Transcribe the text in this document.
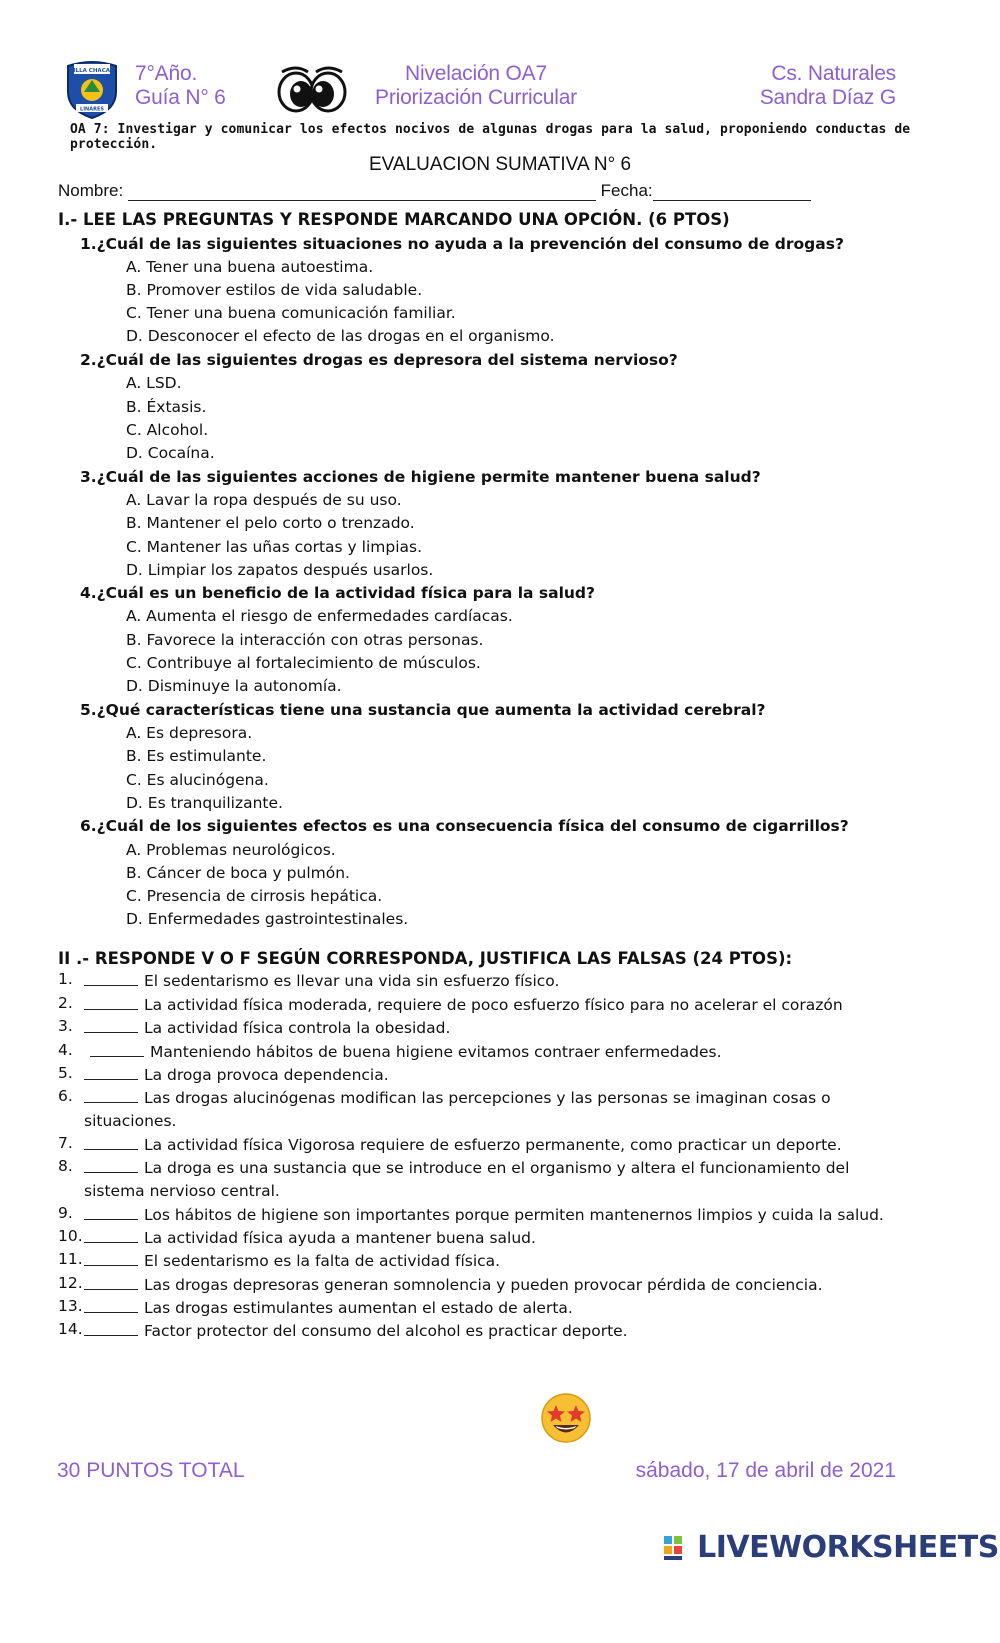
VILLA CHACAO
LINARES
7°Año.
Guía N° 6
Nivelación OA7
Priorización Curricular
Cs. Naturales
Sandra Díaz G
OA 7: Investigar y comunicar los efectos nocivos de algunas drogas para la salud, proponiendo conductas de protección.
EVALUACION SUMATIVA N° 6
Nombre:	Fecha:
I.- LEE LAS PREGUNTAS Y RESPONDE MARCANDO UNA OPCIÓN. (6 PTOS)
1.¿Cuál de las siguientes situaciones no ayuda a la prevención del consumo de drogas?
A. Tener una buena autoestima.
B. Promover estilos de vida saludable.
C. Tener una buena comunicación familiar.
D. Desconocer el efecto de las drogas en el organismo.
2.¿Cuál de las siguientes drogas es depresora del sistema nervioso?
A. LSD.
B. Éxtasis.
C. Alcohol.
D. Cocaína.
3.¿Cuál de las siguientes acciones de higiene permite mantener buena salud?
A. Lavar la ropa después de su uso.
B. Mantener el pelo corto o trenzado.
C. Mantener las uñas cortas y limpias.
D. Limpiar los zapatos después usarlos.
4.¿Cuál es un beneficio de la actividad física para la salud?
A. Aumenta el riesgo de enfermedades cardíacas.
B. Favorece la interacción con otras personas.
C. Contribuye al fortalecimiento de músculos.
D. Disminuye la autonomía.
5.¿Qué características tiene una sustancia que aumenta la actividad cerebral?
A. Es depresora.
B. Es estimulante.
C. Es alucinógena.
D. Es tranquilizante.
6.¿Cuál de los siguientes efectos es una consecuencia física del consumo de cigarrillos?
A. Problemas neurológicos.
B. Cáncer de boca y pulmón.
C. Presencia de cirrosis hepática.
D. Enfermedades gastrointestinales.
II .- RESPONDE V O F SEGÚN CORRESPONDA, JUSTIFICA LAS FALSAS (24 PTOS):
1.	El sedentarismo es llevar una vida sin esfuerzo físico.
2.	La actividad física moderada, requiere de poco esfuerzo físico para no acelerar el corazón
3.	La actividad física controla la obesidad.
4.	Manteniendo hábitos de buena higiene evitamos contraer enfermedades.
5.	La droga provoca dependencia.
6.	Las drogas alucinógenas modifican las percepciones y las personas se imaginan cosas o situaciones.
7.	La actividad física Vigorosa requiere de esfuerzo permanente, como practicar un deporte.
8.	La droga es una sustancia que se introduce en el organismo y altera el funcionamiento del sistema nervioso central.
9.	Los hábitos de higiene son importantes porque permiten mantenernos limpios y cuida la salud.
10.	La actividad física ayuda a mantener buena salud.
11.	El sedentarismo es la falta de actividad física.
12.	Las drogas depresoras generan somnolencia y pueden provocar pérdida de conciencia.
13.	Las drogas estimulantes aumentan el estado de alerta.
14.	Factor protector del consumo del alcohol es practicar deporte.
30 PUNTOS TOTAL	sábado, 17 de abril de 2021
LIVEWORKSHEETS
